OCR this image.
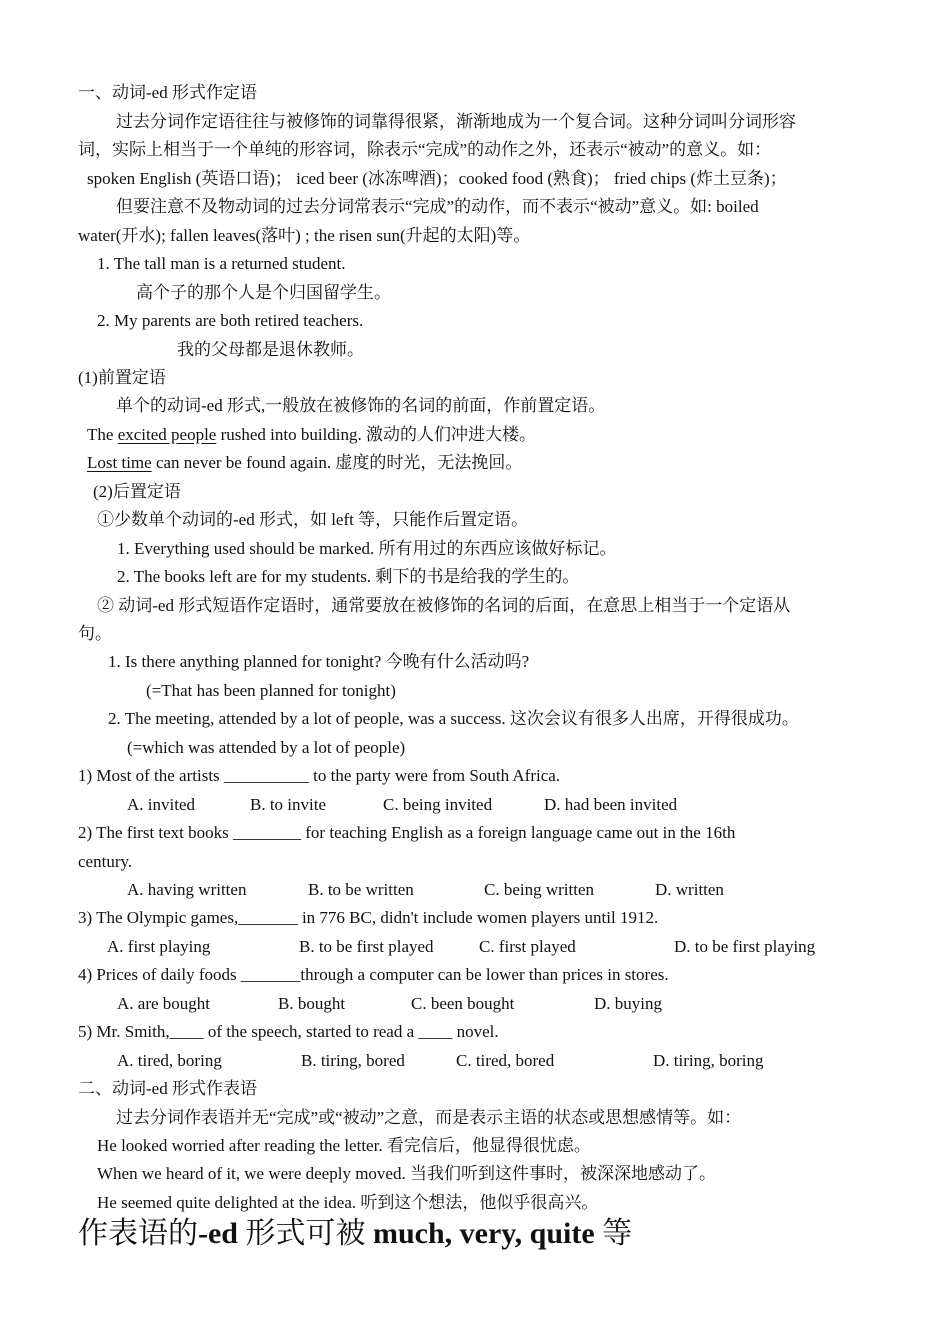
一、动词-ed 形式作定语
过去分词作定语往往与被修饰的词靠得很紧，渐渐地成为一个复合词。这种分词叫分词形容
词，实际上相当于一个单纯的形容词，除表示“完成”的动作之外，还表示“被动”的意义。如：
spoken English (英语口语)； iced beer (冰冻啤酒)；cooked food (熟食)； fried chips (炸土豆条)；
但要注意不及物动词的过去分词常表示“完成”的动作，而不表示“被动”意义。如: boiled
water(开水); fallen leaves(落叶) ; the risen sun(升起的太阳)等。
1. The tall man is a returned student.
高个子的那个人是个归国留学生。
2. My parents are both retired teachers.
我的父母都是退休教师。
(1)前置定语
单个的动词-ed 形式,一般放在被修饰的名词的前面，作前置定语。
The excited people rushed into building. 激动的人们冲进大楼。
Lost time can never be found again. 虚度的时光，无法挽回。
(2)后置定语
①少数单个动词的-ed 形式，如 left 等，只能作后置定语。
1. Everything used should be marked. 所有用过的东西应该做好标记。
2. The books left are for my students. 剩下的书是给我的学生的。
② 动词-ed 形式短语作定语时，通常要放在被修饰的名词的后面，在意思上相当于一个定语从
句。
1. Is there anything planned for tonight? 今晚有什么活动吗?
(=That has been planned for tonight)
2. The meeting, attended by a lot of people, was a success. 这次会议有很多人出席，开得很成功。
(=which was attended by a lot of people)
1) Most of the artists __________ to the party were from South Africa.
A. invited	B. to invite	C. being invited	D. had been invited
2) The first text books ________ for teaching English as a foreign language came out in the 16th
century.
A. having written	B. to be written	C. being written	D. written
3) The Olympic games,_______ in 776 BC, didn't include women players until 1912.
A. first playing	B. to be first played	C. first played	D. to be first playing
4) Prices of daily foods _______through a computer can be lower than prices in stores.
A. are bought	B. bought	C. been bought	D. buying
5) Mr. Smith,____ of the speech, started to read a ____ novel.
A. tired, boring	B. tiring, bored	C. tired, bored	D. tiring, boring
二、动词-ed 形式作表语
过去分词作表语并无“完成”或“被动”之意，而是表示主语的状态或思想感情等。如：
He looked worried after reading the letter. 看完信后，他显得很忧虑。
When we heard of it, we were deeply moved. 当我们听到这件事时，被深深地感动了。
He seemed quite delighted at the idea. 听到这个想法，他似乎很高兴。
作表语的-ed 形式可被 much, very, quite 等
